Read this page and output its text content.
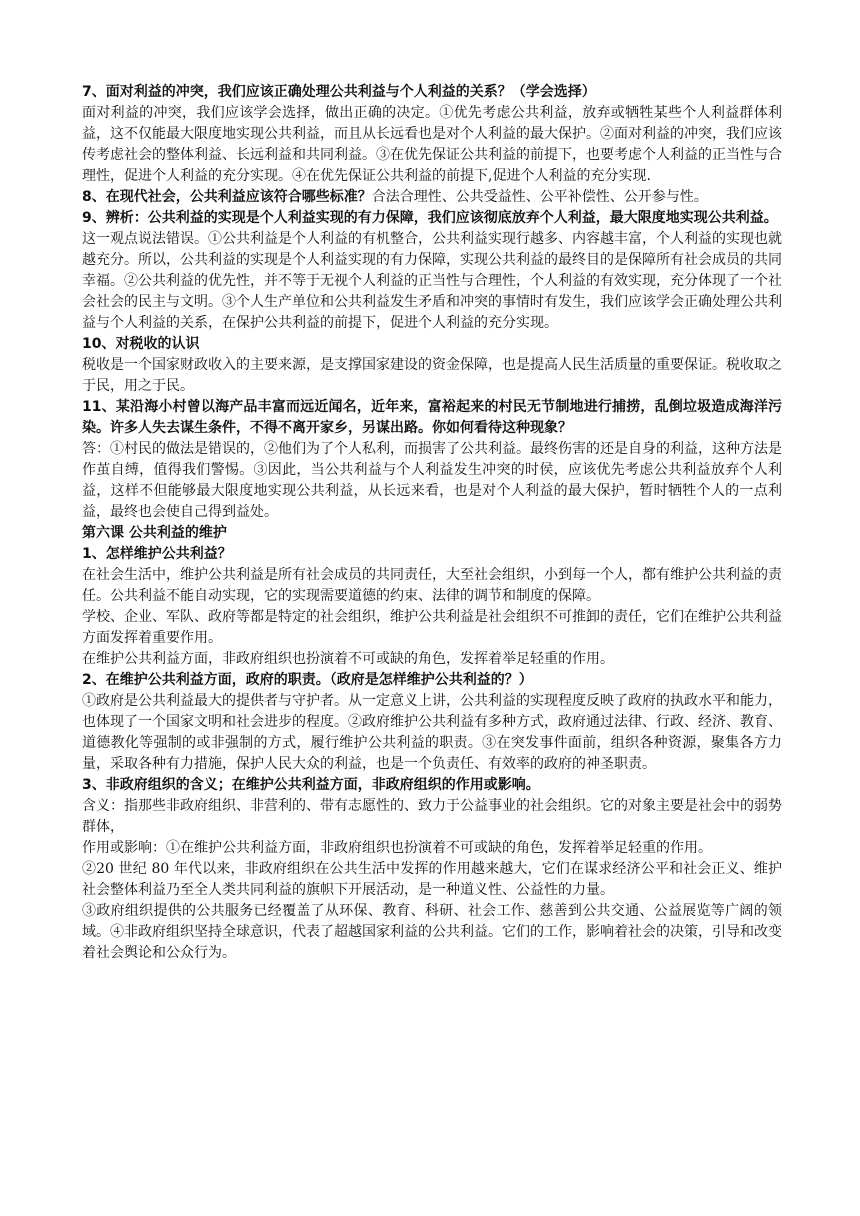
7、面对利益的冲突，我们应该正确处理公共利益与个人利益的关系？（学会选择）

面对利益的冲突，我们应该学会选择，做出正确的决定。①优先考虑公共利益，放弃或牺牲某些个人利益群体利益，这不仅能最大限度地实现公共利益，而且从长远看也是对个人利益的最大保护。②面对利益的冲突，我们应该传考虑社会的整体利益、长远利益和共同利益。③在优先保证公共利益的前提下，也要考虑个人利益的正当性与合理性，促进个人利益的充分实现。④在优先保证公共利益的前提下,促进个人利益的充分实现.

8、在现代社会，公共利益应该符合哪些标准？合法合理性、公共受益性、公平补偿性、公开参与性。

9、辨析：公共利益的实现是个人利益实现的有力保障，我们应该彻底放弃个人利益，最大限度地实现公共利益。

这一观点说法错误。①公共利益是个人利益的有机整合，公共利益实现行越多、内容越丰富，个人利益的实现也就越充分。所以，公共利益的实现是个人利益实现的有力保障，实现公共利益的最终目的是保障所有社会成员的共同幸福。②公共利益的优先性，并不等于无视个人利益的正当性与合理性，个人利益的有效实现，充分体现了一个社会社会的民主与文明。③个人生产单位和公共利益发生矛盾和冲突的事情时有发生，我们应该学会正确处理公共利益与个人利益的关系，在保护公共利益的前提下，促进个人利益的充分实现。

10、对税收的认识

税收是一个国家财政收入的主要来源，是支撑国家建设的资金保障，也是提高人民生活质量的重要保证。税收取之于民，用之于民。

11、某沿海小村曾以海产品丰富而远近闻名，近年来，富裕起来的村民无节制地进行捕捞，乱倒垃圾造成海洋污染。许多人失去谋生条件，不得不离开家乡，另谋出路。你如何看待这种现象？

答：①村民的做法是错误的，②他们为了个人私利，而损害了公共利益。最终伤害的还是自身的利益，这种方法是作茧自缚，值得我们警惕。③因此，当公共利益与个人利益发生冲突的时侯，应该优先考虑公共利益放弃个人利益，这样不但能够最大限度地实现公共利益，从长远来看，也是对个人利益的最大保护，暂时牺牲个人的一点利益，最终也会使自己得到益处。

第六课 公共利益的维护

1、怎样维护公共利益？

在社会生活中，维护公共利益是所有社会成员的共同责任，大至社会组织，小到每一个人，都有维护公共利益的责任。公共利益不能自动实现，它的实现需要道德的约束、法律的调节和制度的保障。

学校、企业、军队、政府等都是特定的社会组织，维护公共利益是社会组织不可推卸的责任，它们在维护公共利益方面发挥着重要作用。

在维护公共利益方面，非政府组织也扮演着不可或缺的角色，发挥着举足轻重的作用。

2、在维护公共利益方面，政府的职责。（政府是怎样维护公共利益的？）

①政府是公共利益最大的提供者与守护者。从一定意义上讲，公共利益的实现程度反映了政府的执政水平和能力，也体现了一个国家文明和社会进步的程度。②政府维护公共利益有多种方式，政府通过法律、行政、经济、教育、道德教化等强制的或非强制的方式，履行维护公共利益的职责。③在突发事件面前，组织各种资源，聚集各方力量，采取各种有力措施，保护人民大众的利益，也是一个负责任、有效率的政府的神圣职责。

3、非政府组织的含义；在维护公共利益方面，非政府组织的作用或影响。

含义：指那些非政府组织、非营利的、带有志愿性的、致力于公益事业的社会组织。它的对象主要是社会中的弱势群体，

作用或影响：①在维护公共利益方面，非政府组织也扮演着不可或缺的角色，发挥着举足轻重的作用。

②20 世纪 80 年代以来，非政府组织在公共生活中发挥的作用越来越大，它们在谋求经济公平和社会正义、维护社会整体利益乃至全人类共同利益的旗帜下开展活动，是一种道义性、公益性的力量。

③政府组织提供的公共服务已经覆盖了从环保、教育、科研、社会工作、慈善到公共交通、公益展览等广阔的领域。④非政府组织坚持全球意识，代表了超越国家利益的公共利益。它们的工作，影响着社会的决策，引导和改变着社会舆论和公众行为。
